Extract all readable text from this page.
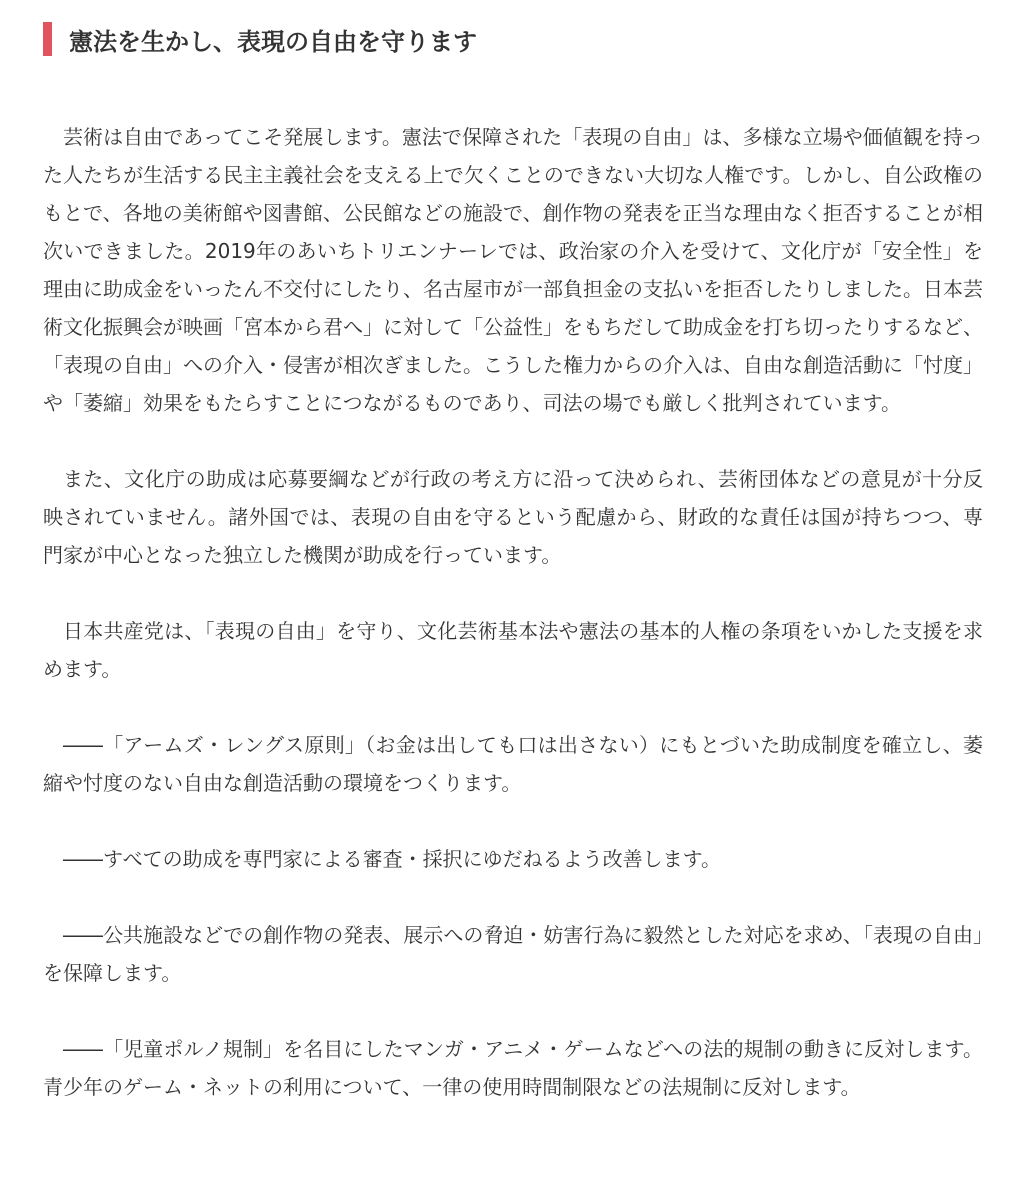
憲法を生かし、表現の自由を守ります

芸術は自由であってこそ発展します。憲法で保障された「表現の自由」は、多様な立場や価値観を持った人たちが生活する民主主義社会を支える上で欠くことのできない大切な人権です。しかし、自公政権のもとで、各地の美術館や図書館、公民館などの施設で、創作物の発表を正当な理由なく拒否することが相次いできました。2019年のあいちトリエンナーレでは、政治家の介入を受けて、文化庁が「安全性」を理由に助成金をいったん不交付にしたり、名古屋市が一部負担金の支払いを拒否したりしました。日本芸術文化振興会が映画「宮本から君へ」に対して「公益性」をもちだして助成金を打ち切ったりするなど、「表現の自由」への介入・侵害が相次ぎました。こうした権力からの介入は、自由な創造活動に「忖度」や「萎縮」効果をもたらすことにつながるものであり、司法の場でも厳しく批判されています。

また、文化庁の助成は応募要綱などが行政の考え方に沿って決められ、芸術団体などの意見が十分反映されていません。諸外国では、表現の自由を守るという配慮から、財政的な責任は国が持ちつつ、専門家が中心となった独立した機関が助成を行っています。

日本共産党は、「表現の自由」を守り、文化芸術基本法や憲法の基本的人権の条項をいかした支援を求めます。

――「アームズ・レングス原則」（お金は出しても口は出さない）にもとづいた助成制度を確立し、萎縮や忖度のない自由な創造活動の環境をつくります。

――すべての助成を専門家による審査・採択にゆだねるよう改善します。

――公共施設などでの創作物の発表、展示への脅迫・妨害行為に毅然とした対応を求め、「表現の自由」を保障します。

――「児童ポルノ規制」を名目にしたマンガ・アニメ・ゲームなどへの法的規制の動きに反対します。青少年のゲーム・ネットの利用について、一律の使用時間制限などの法規制に反対します。
